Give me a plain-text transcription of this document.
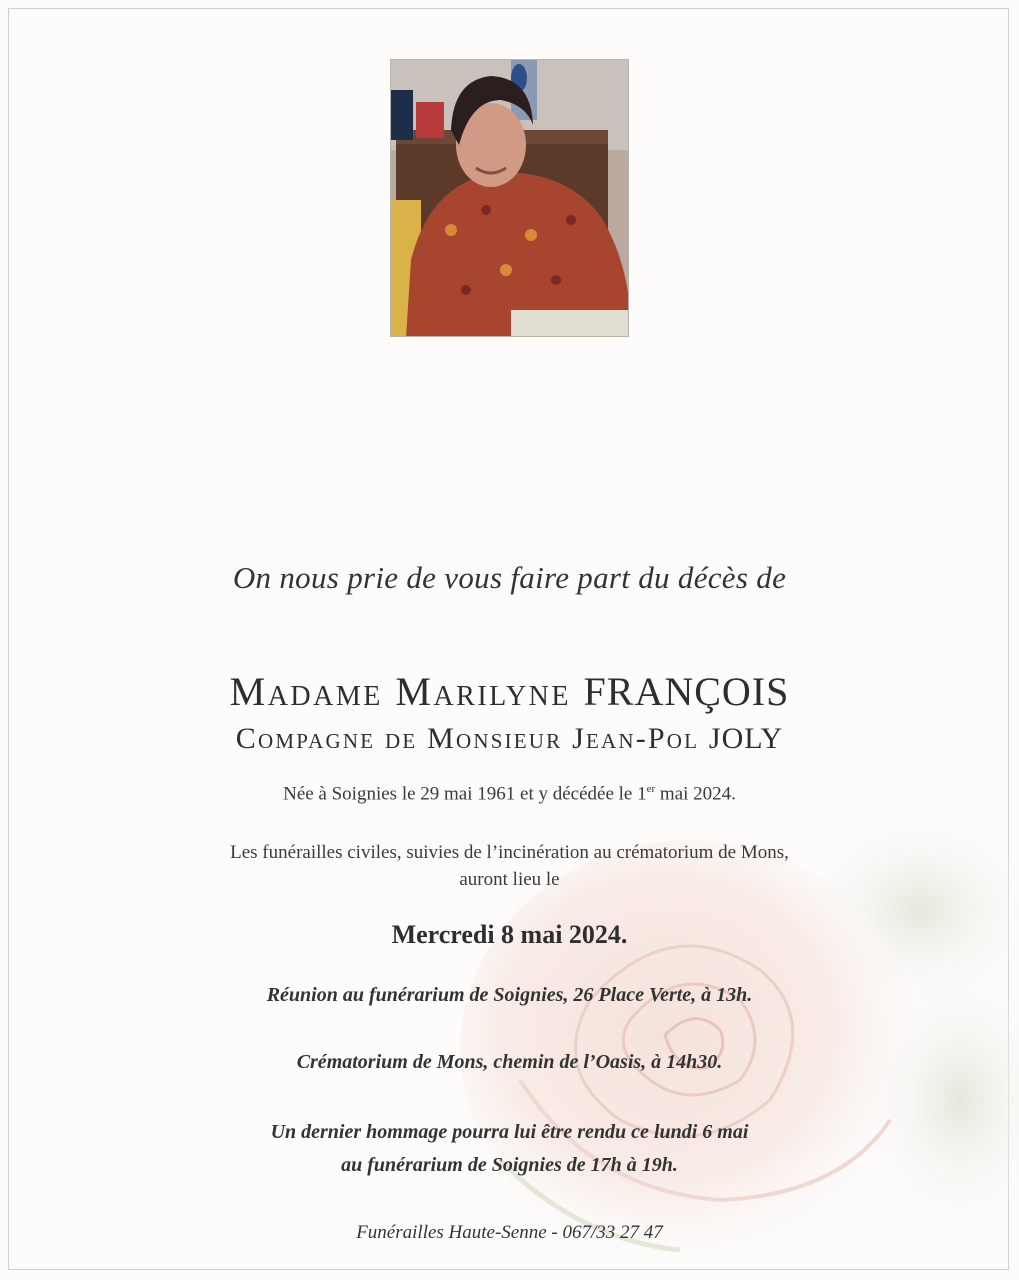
On nous prie de vous faire part du décès de
Madame Marilyne FRANÇOIS
Compagne de Monsieur Jean-Pol JOLY
Née à Soignies le 29 mai 1961 et y décédée le 1er mai 2024.
Les funérailles civiles, suivies de l’incinération au crématorium de Mons,
auront lieu le
Mercredi 8 mai 2024.
Réunion au funérarium de Soignies, 26 Place Verte, à 13h.
Crématorium de Mons, chemin de l’Oasis, à 14h30.
Un dernier hommage pourra lui être rendu ce lundi 6 mai
au funérarium de Soignies de 17h à 19h.
Funérailles Haute-Senne - 067/33 27 47
